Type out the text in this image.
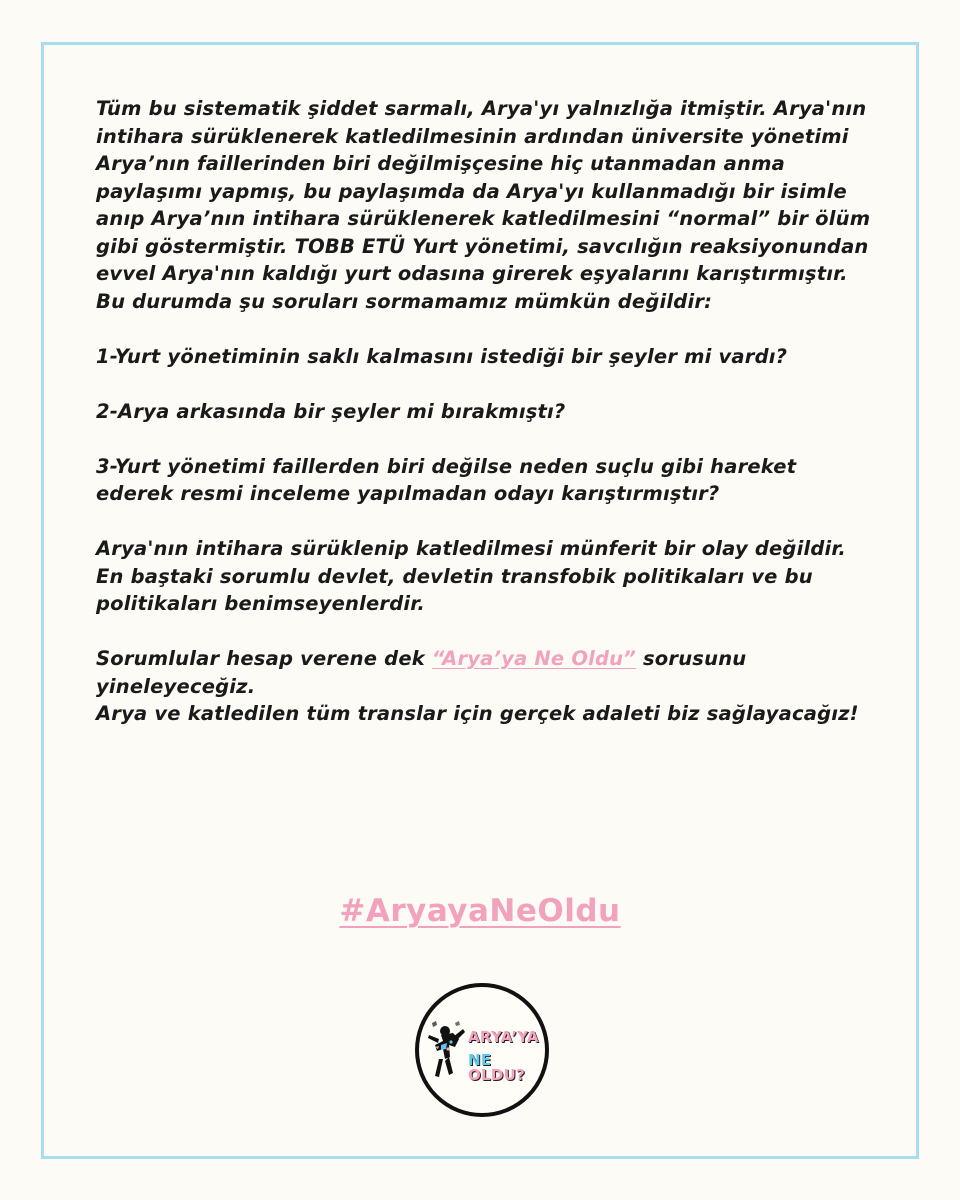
Tüm bu sistematik şiddet sarmalı, Arya'yı yalnızlığa itmiştir. Arya'nın intihara sürüklenerek katledilmesinin ardından üniversite yönetimi Arya’nın faillerinden biri değilmişçesine hiç utanmadan anma paylaşımı yapmış, bu paylaşımda da Arya'yı kullanmadığı bir isimle anıp Arya’nın intihara sürüklenerek katledilmesini “normal” bir ölüm gibi göstermiştir. TOBB ETÜ Yurt yönetimi, savcılığın reaksiyonundan evvel Arya'nın kaldığı yurt odasına girerek eşyalarını karıştırmıştır. Bu durumda şu soruları sormamamız mümkün değildir:

1-Yurt yönetiminin saklı kalmasını istediği bir şeyler mi vardı?

2-Arya arkasında bir şeyler mi bırakmıştı?

3-Yurt yönetimi faillerden biri değilse neden suçlu gibi hareket ederek resmi inceleme yapılmadan odayı karıştırmıştır?

Arya'nın intihara sürüklenip katledilmesi münferit bir olay değildir. En baştaki sorumlu devlet, devletin transfobik politikaları ve bu politikaları benimseyenlerdir.

Sorumlular hesap verene dek “Arya’ya Ne Oldu” sorusunu yineleyeceğiz.

Arya ve katledilen tüm translar için gerçek adaleti biz sağlayacağız!

#AryayaNeOldu
ARYA’YA
NE OLDU?
